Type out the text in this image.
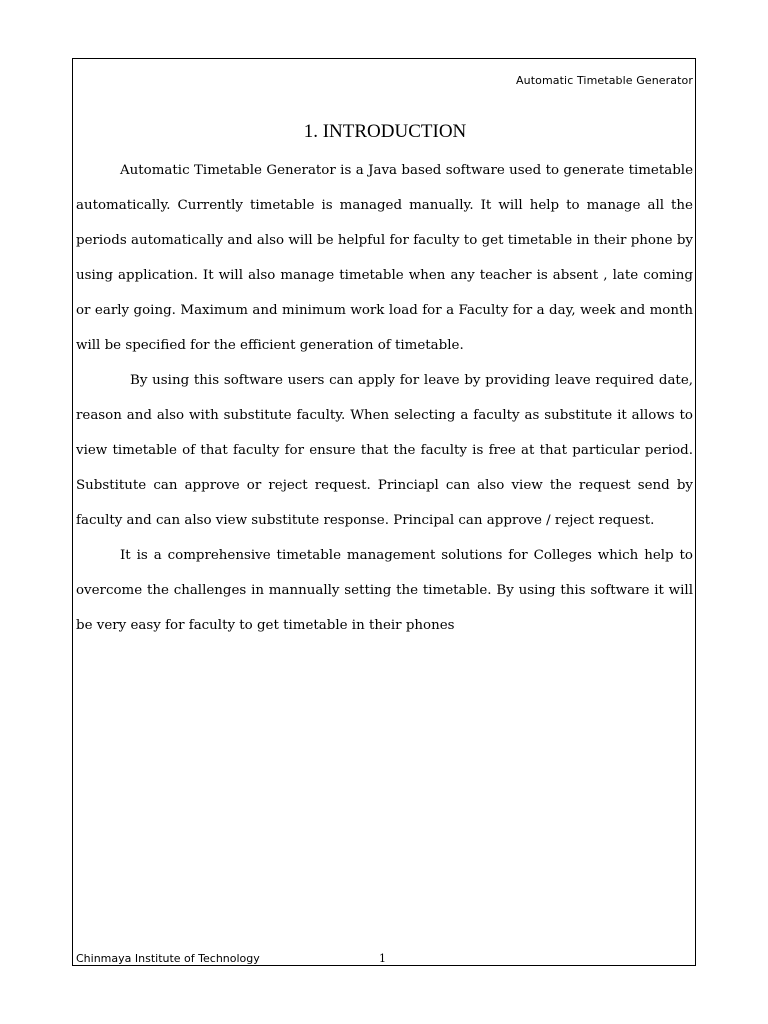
Automatic Timetable Generator
1. INTRODUCTION

Automatic Timetable Generator is a Java based software used to generate timetable automatically. Currently timetable is managed manually. It will help to manage all the periods automatically and also will be helpful for faculty to get timetable in their phone by using application. It will also manage timetable when any teacher is absent , late coming or early going. Maximum and minimum work load for a Faculty for a day, week and month will be specified for the efficient generation of timetable.

By using this software users can apply for leave by providing leave required date, reason and also with substitute faculty. When selecting a faculty as substitute it allows to view timetable of that faculty for ensure that the faculty is free at that particular period. Substitute can approve or reject request. Princiapl can also view the request send by faculty and can also view substitute response. Principal can approve / reject request.

It is a comprehensive timetable management solutions for Colleges which help to overcome the challenges in mannually setting the timetable. By using this software it will be very easy for faculty to get timetable in their phones

Chinmaya Institute of Technology	1
